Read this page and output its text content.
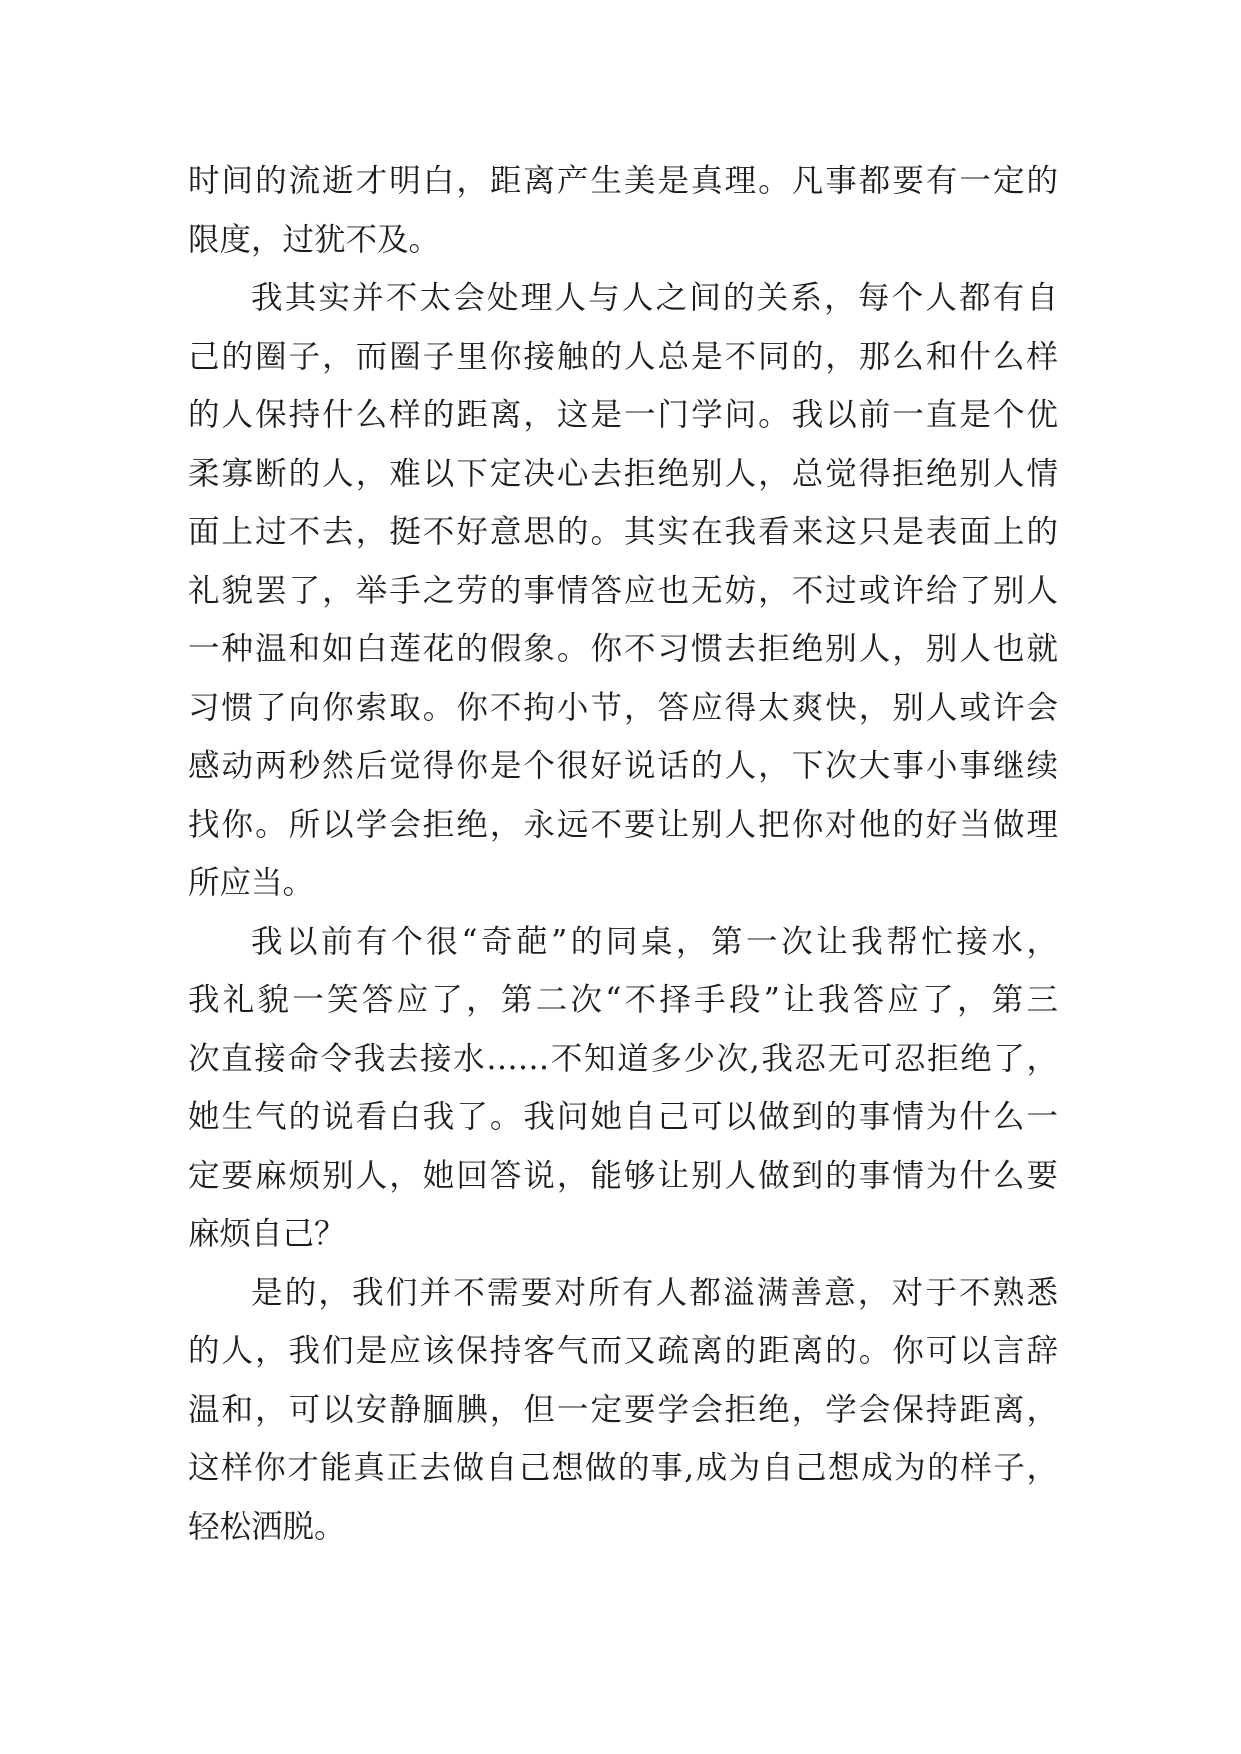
时间的流逝才明白，距离产生美是真理。凡事都要有一定的
限度，过犹不及。
我其实并不太会处理人与人之间的关系，每个人都有自
己的圈子，而圈子里你接触的人总是不同的，那么和什么样
的人保持什么样的距离，这是一门学问。我以前一直是个优
柔寡断的人，难以下定决心去拒绝别人，总觉得拒绝别人情
面上过不去，挺不好意思的。其实在我看来这只是表面上的
礼貌罢了，举手之劳的事情答应也无妨，不过或许给了别人
一种温和如白莲花的假象。你不习惯去拒绝别人，别人也就
习惯了向你索取。你不拘小节，答应得太爽快，别人或许会
感动两秒然后觉得你是个很好说话的人，下次大事小事继续
找你。所以学会拒绝，永远不要让别人把你对他的好当做理
所应当。
我以前有个很“奇葩”的同桌，第一次让我帮忙接水，
我礼貌一笑答应了，第二次“不择手段”让我答应了，第三
次直接命令我去接水……不知道多少次,我忍无可忍拒绝了，
她生气的说看白我了。我问她自己可以做到的事情为什么一
定要麻烦别人，她回答说，能够让别人做到的事情为什么要
麻烦自己？
是的，我们并不需要对所有人都溢满善意，对于不熟悉
的人，我们是应该保持客气而又疏离的距离的。你可以言辞
温和，可以安静腼腆，但一定要学会拒绝，学会保持距离，
这样你才能真正去做自己想做的事,成为自己想成为的样子，
轻松洒脱。
